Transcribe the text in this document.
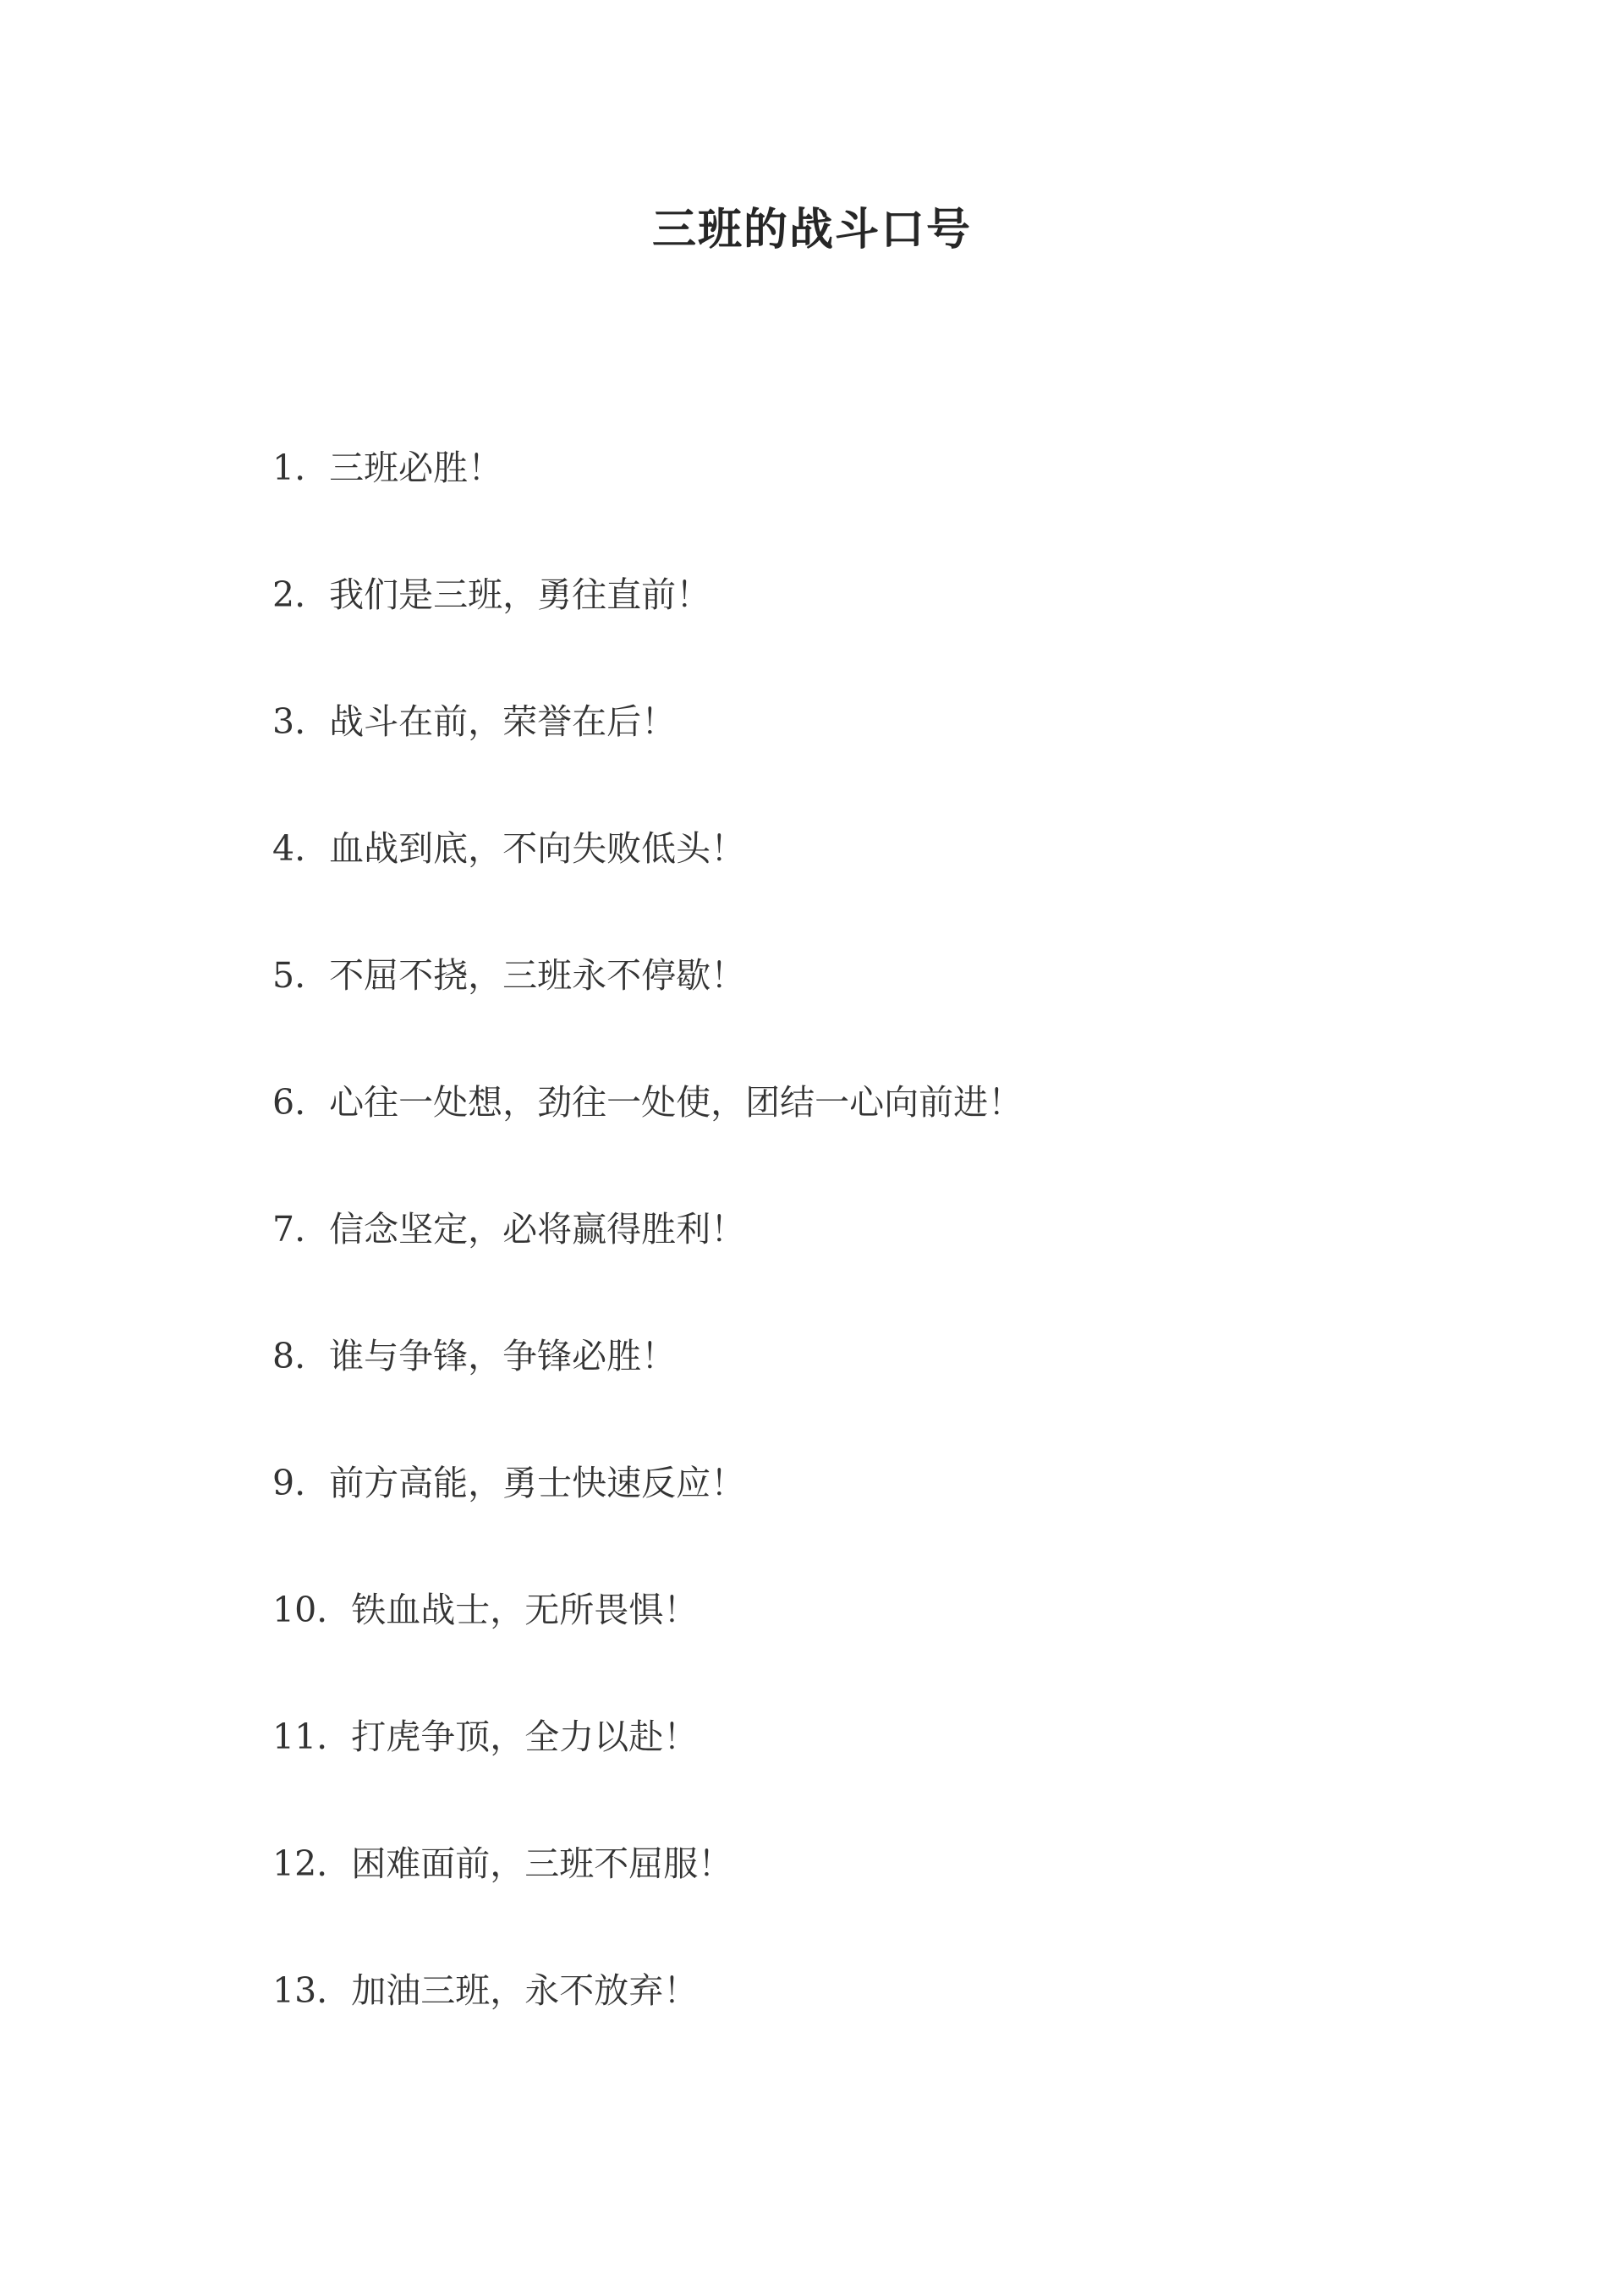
三班的战斗口号
1. 三班必胜！
2. 我们是三班，勇往直前！
3. 战斗在前，荣誉在后！
4. 血战到底，不向失败低头！
5. 不屈不挠，三班永不停歇！
6. 心往一处想，劲往一处使，团结一心向前进！
7. 信念坚定，必将赢得胜利！
8. 谁与争锋，争锋必胜！
9. 前方高能，勇士快速反应！
10. 铁血战士，无所畏惧！
11. 打虎争顶，全力以赴！
12. 困难面前，三班不屈服！
13. 加油三班，永不放弃！
